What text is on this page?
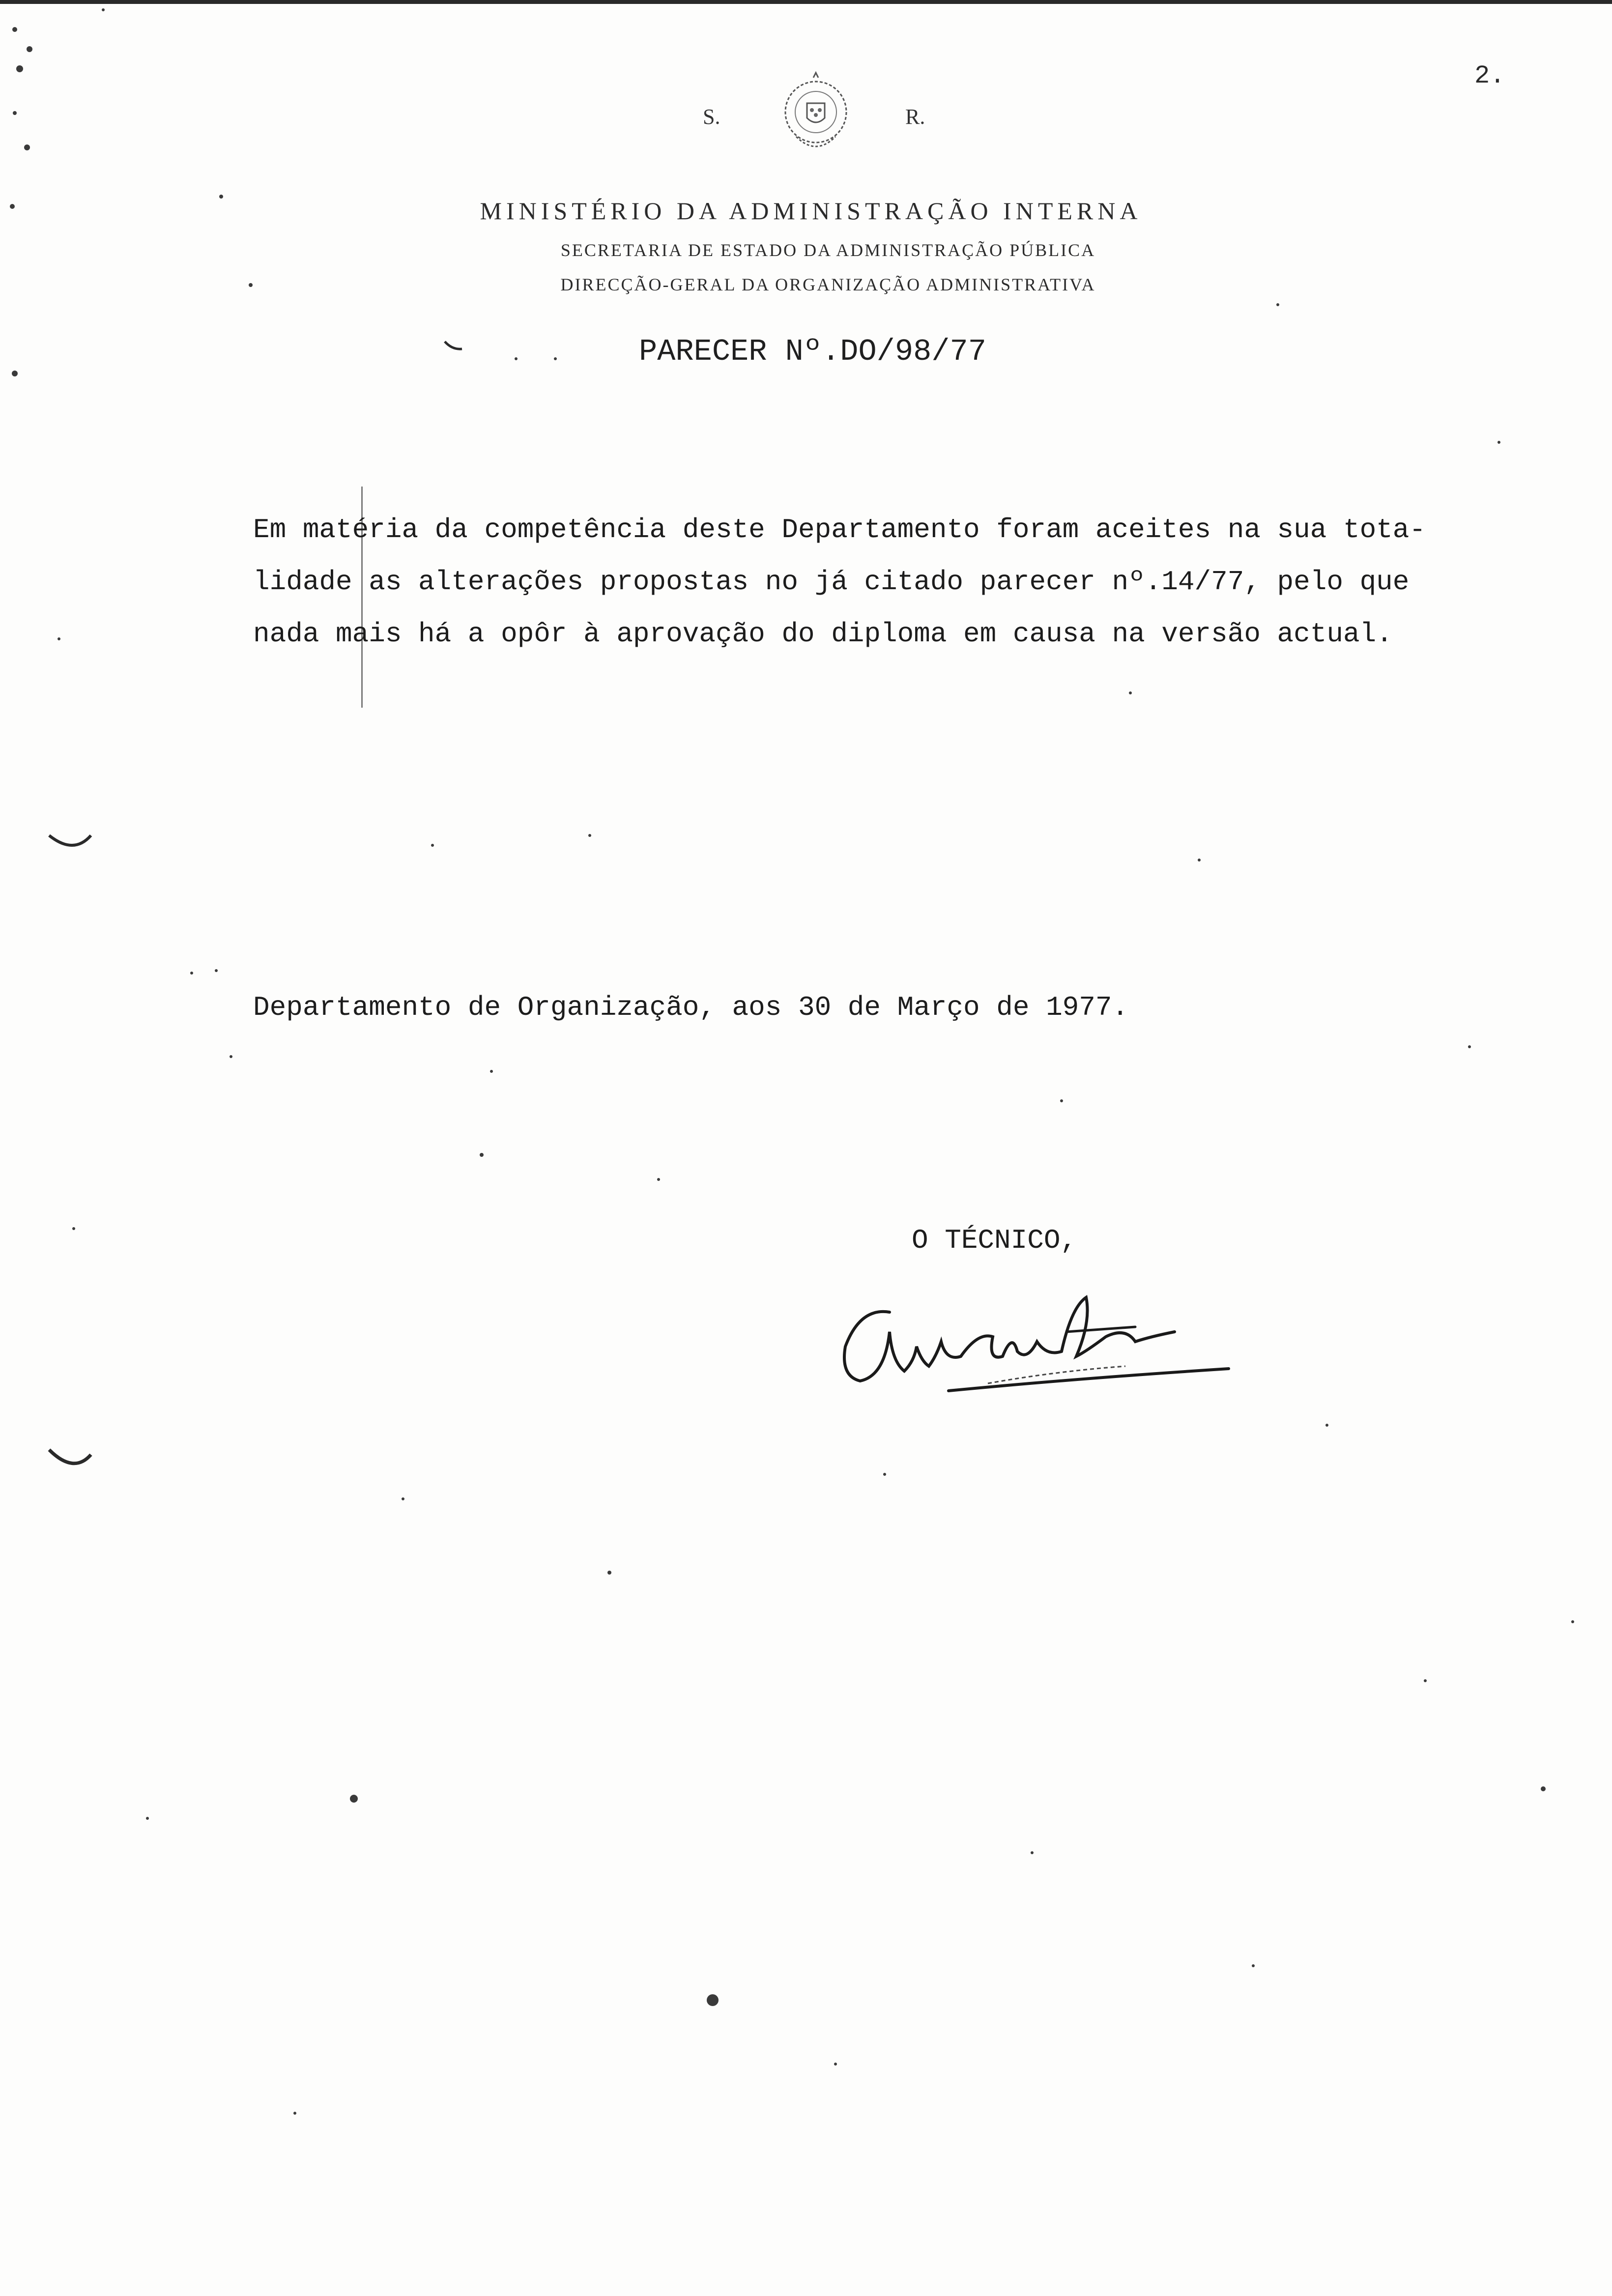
2.
S.	R.
MINISTÉRIO DA ADMINISTRAÇÃO INTERNA
SECRETARIA DE ESTADO DA ADMINISTRAÇÃO PÚBLICA
DIRECÇÃO-GERAL DA ORGANIZAÇÃO ADMINISTRATIVA
PARECER Nº.DO/98/77
Em matéria da competência deste Departamento foram aceites na sua tota-
lidade as alterações propostas no já citado parecer nº.14/77, pelo que
nada mais há a opôr à aprovação do diploma em causa na versão actual.
Departamento de Organização, aos 30 de Março de 1977.
O TÉCNICO,
